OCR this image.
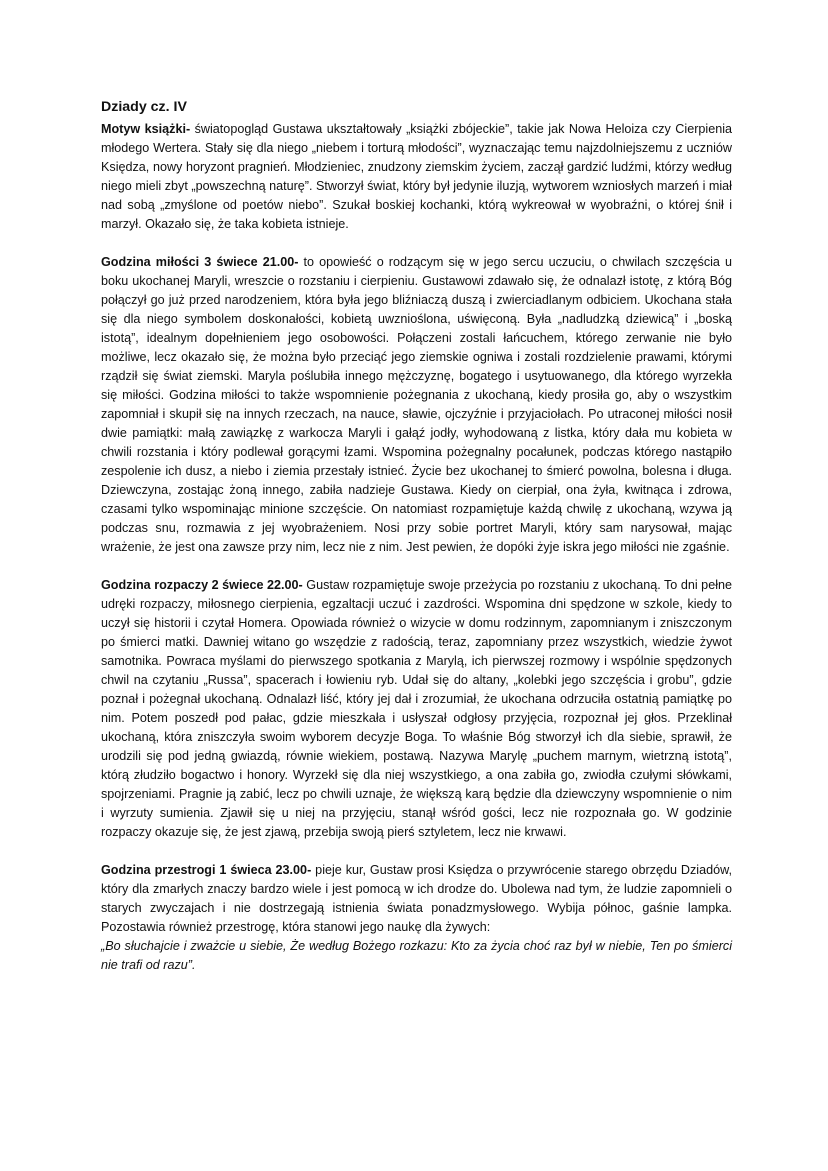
Dziady cz. IV

Motyw książki- światopogląd Gustawa ukształtowały „książki zbójeckie”, takie jak Nowa Heloiza czy Cierpienia młodego Wertera. Stały się dla niego „niebem i torturą młodości”, wyznaczając temu najzdolniejszemu z uczniów Księdza, nowy horyzont pragnień. Młodzieniec, znudzony ziemskim życiem, zaczął gardzić ludźmi, którzy według niego mieli zbyt „powszechną naturę”. Stworzył świat, który był jedynie iluzją, wytworem wzniosłych marzeń i miał nad sobą „zmyślone od poetów niebo”. Szukał boskiej kochanki, którą wykreował w wyobraźni, o której śnił i marzył. Okazało się, że taka kobieta istnieje.

Godzina miłości 3 świece 21.00- to opowieść o rodzącym się w jego sercu uczuciu, o chwilach szczęścia u boku ukochanej Maryli, wreszcie o rozstaniu i cierpieniu. Gustawowi zdawało się, że odnalazł istotę, z którą Bóg połączył go już przed narodzeniem, która była jego bliźniaczą duszą i zwierciadlanym odbiciem. Ukochana stała się dla niego symbolem doskonałości, kobietą uwznioślona, uświęconą. Była „nadludzką dziewicą” i „boską istotą”, idealnym dopełnieniem jego osobowości. Połączeni zostali łańcuchem, którego zerwanie nie było możliwe, lecz okazało się, że można było przeciąć jego ziemskie ogniwa i zostali rozdzielenie prawami, którymi rządził się świat ziemski. Maryla poślubiła innego mężczyznę, bogatego i usytuowanego, dla którego wyrzekła się miłości. Godzina miłości to także wspomnienie pożegnania z ukochaną, kiedy prosiła go, aby o wszystkim zapomniał i skupił się na innych rzeczach, na nauce, sławie, ojczyźnie i przyjaciołach. Po utraconej miłości nosił dwie pamiątki: małą zawiązkę z warkocza Maryli i gałąź jodły, wyhodowaną z listka, który dała mu kobieta w chwili rozstania i który podlewał gorącymi łzami. Wspomina pożegnalny pocałunek, podczas którego nastąpiło zespolenie ich dusz, a niebo i ziemia przestały istnieć. Życie bez ukochanej to śmierć powolna, bolesna i długa. Dziewczyna, zostając żoną innego, zabiła nadzieje Gustawa. Kiedy on cierpiał, ona żyła, kwitnąca i zdrowa, czasami tylko wspominając minione szczęście. On natomiast rozpamiętuje każdą chwilę z ukochaną, wzywa ją podczas snu, rozmawia z jej wyobrażeniem. Nosi przy sobie portret Maryli, który sam narysował, mając wrażenie, że jest ona zawsze przy nim, lecz nie z nim. Jest pewien, że dopóki żyje iskra jego miłości nie zgaśnie.

Godzina rozpaczy 2 świece 22.00- Gustaw rozpamiętuje swoje przeżycia po rozstaniu z ukochaną. To dni pełne udręki rozpaczy, miłosnego cierpienia, egzaltacji uczuć i zazdrości. Wspomina dni spędzone w szkole, kiedy to uczył się historii i czytał Homera. Opowiada również o wizycie w domu rodzinnym, zapomnianym i zniszczonym po śmierci matki. Dawniej witano go wszędzie z radością, teraz, zapomniany przez wszystkich, wiedzie żywot samotnika. Powraca myślami do pierwszego spotkania z Marylą, ich pierwszej rozmowy i wspólnie spędzonych chwil na czytaniu „Russa”, spacerach i łowieniu ryb. Udał się do altany, „kolebki jego szczęścia i grobu”, gdzie poznał i pożegnał ukochaną. Odnalazł liść, który jej dał i zrozumiał, że ukochana odrzuciła ostatnią pamiątkę po nim. Potem poszedł pod pałac, gdzie mieszkała i usłyszał odgłosy przyjęcia, rozpoznał jej głos. Przeklinał ukochaną, która zniszczyła swoim wyborem decyzje Boga. To właśnie Bóg stworzył ich dla siebie, sprawił, że urodzili się pod jedną gwiazdą, równie wiekiem, postawą. Nazywa Marylę „puchem marnym, wietrzną istotą”, którą złudziło bogactwo i honory. Wyrzekł się dla niej wszystkiego, a ona zabiła go, zwiodła czułymi słówkami, spojrzeniami. Pragnie ją zabić, lecz po chwili uznaje, że większą karą będzie dla dziewczyny wspomnienie o nim i wyrzuty sumienia. Zjawił się u niej na przyjęciu, stanął wśród gości, lecz nie rozpoznała go. W godzinie rozpaczy okazuje się, że jest zjawą, przebija swoją pierś sztyletem, lecz nie krwawi.

Godzina przestrogi 1 świeca 23.00- pieje kur, Gustaw prosi Księdza o przywrócenie starego obrzędu Dziadów, który dla zmarłych znaczy bardzo wiele i jest pomocą w ich drodze do. Ubolewa nad tym, że ludzie zapomnieli o starych zwyczajach i nie dostrzegają istnienia świata ponadzmysłowego. Wybija północ, gaśnie lampka. Pozostawia również przestrogę, która stanowi jego naukę dla żywych:
„Bo słuchajcie i zważcie u siebie, Że według Bożego rozkazu: Kto za życia choć raz był w niebie, Ten po śmierci nie trafi od razu”.
